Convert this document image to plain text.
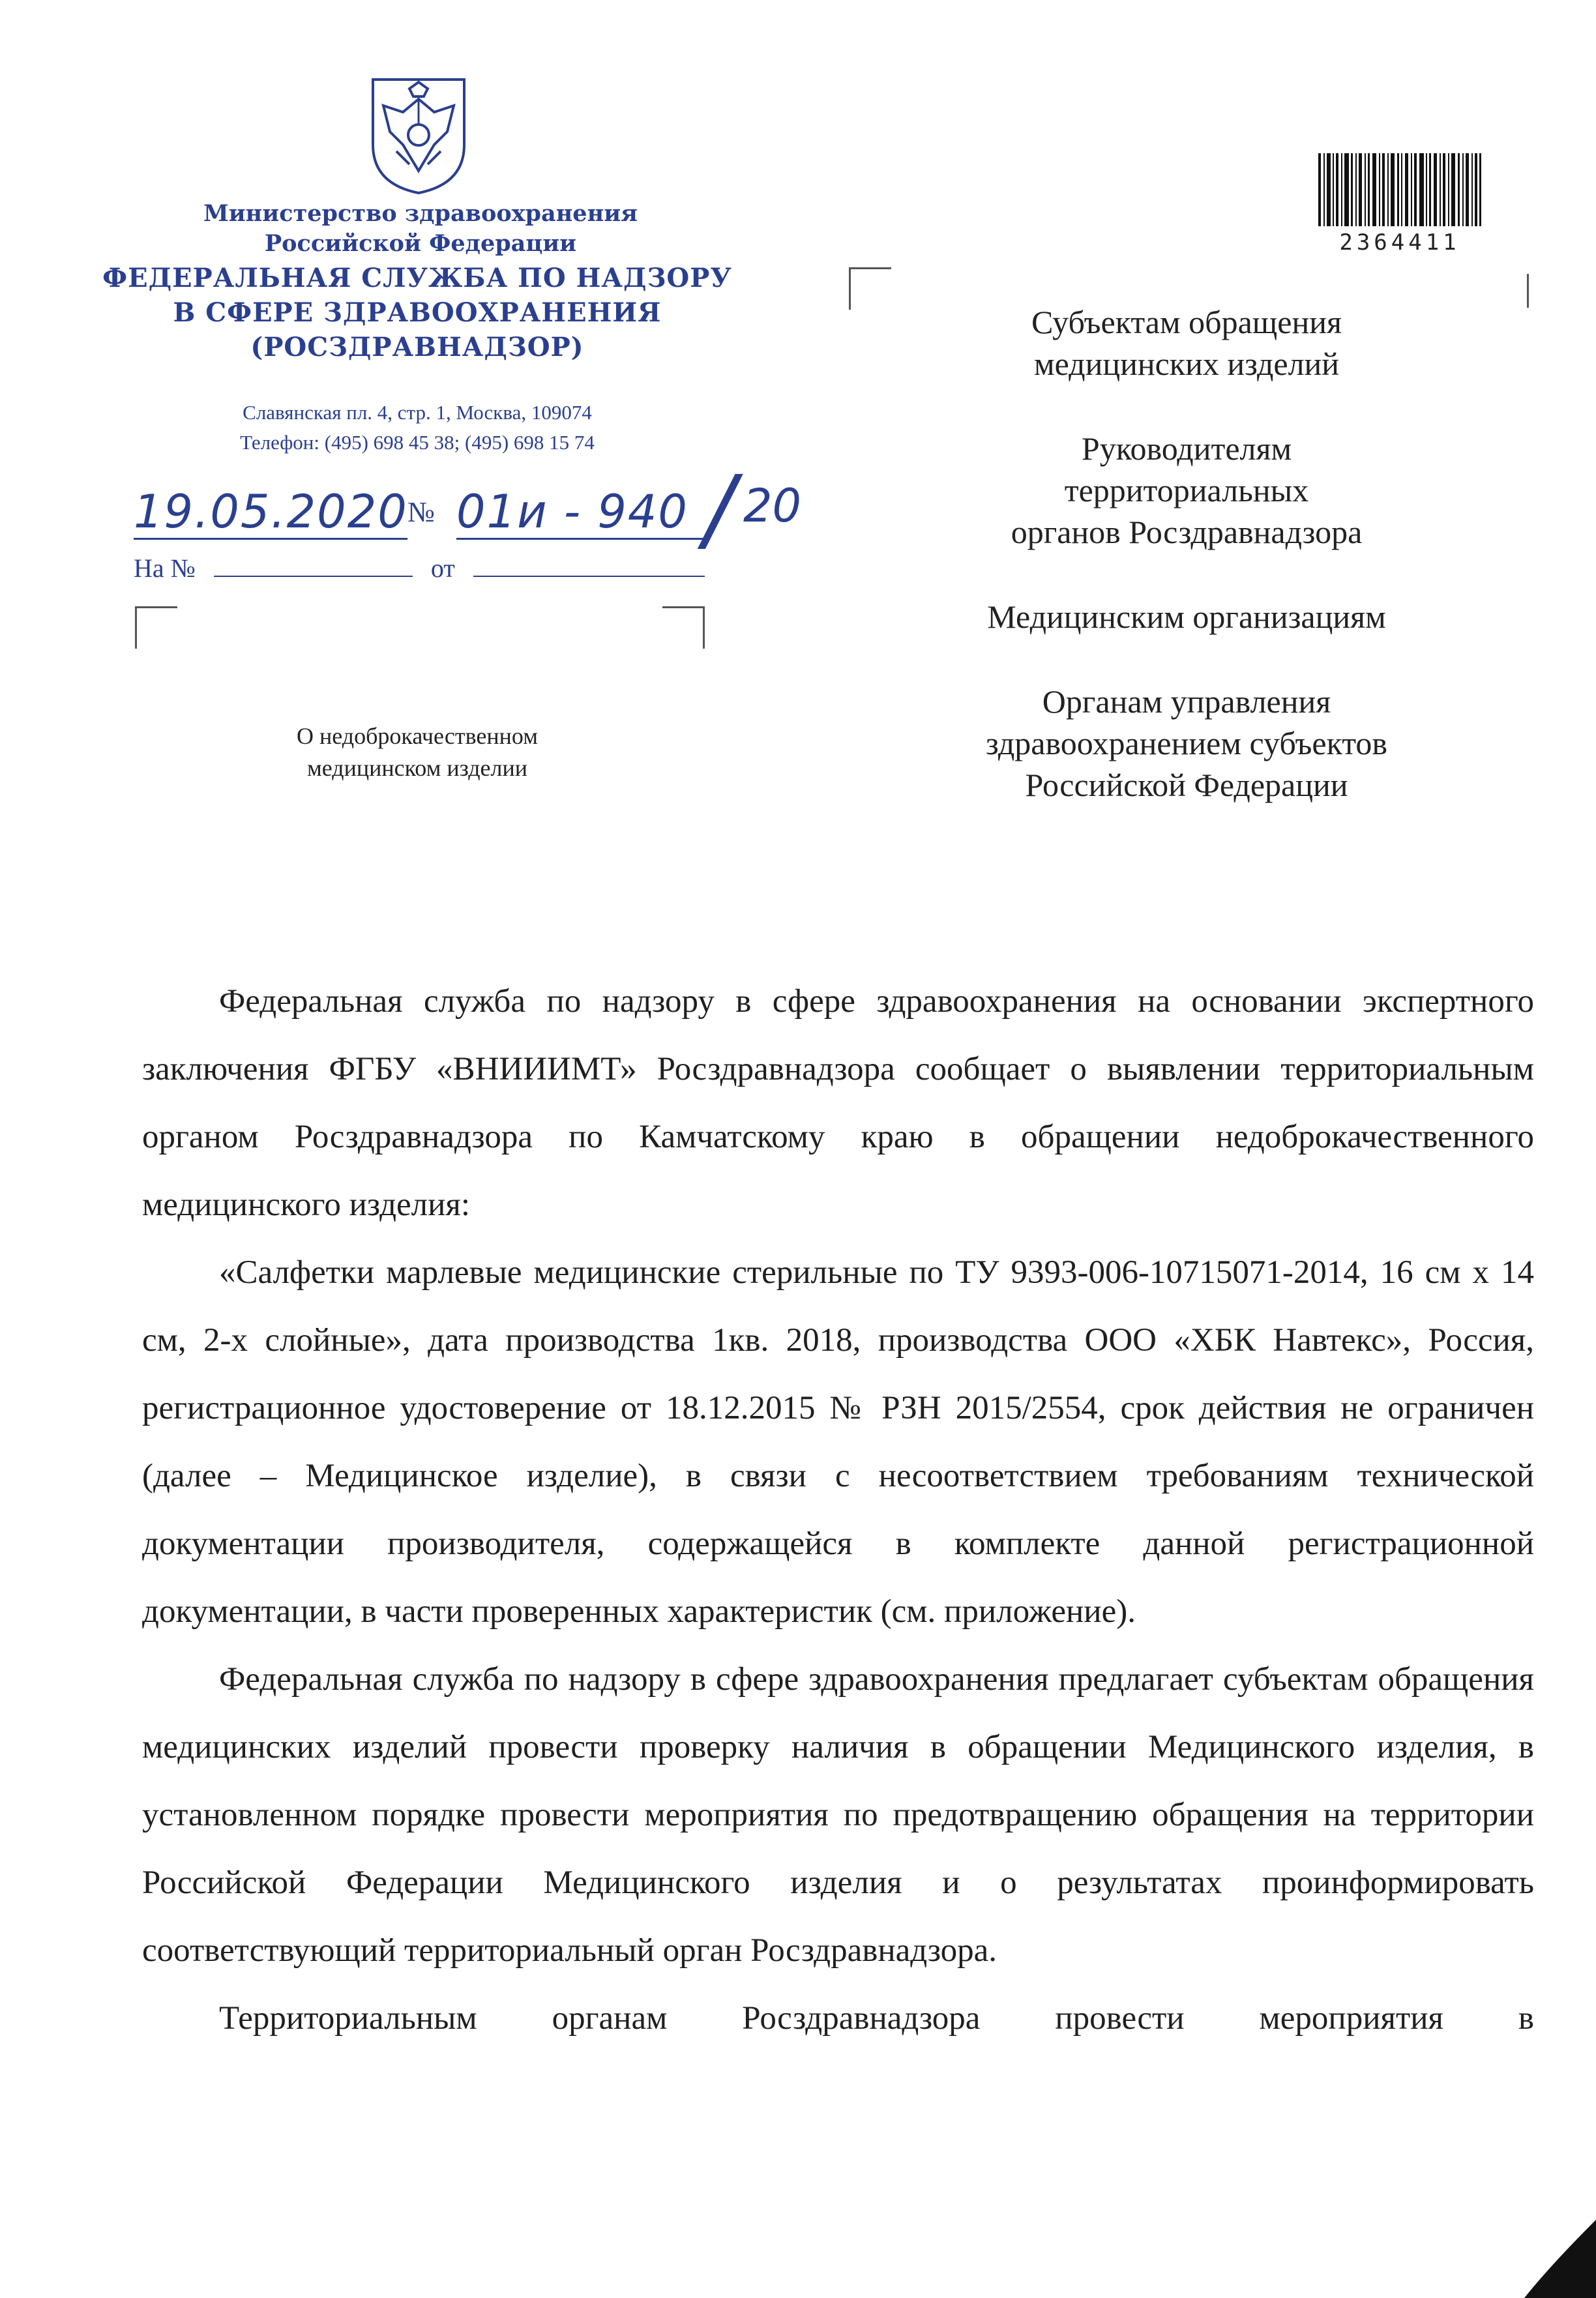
Министерство здравоохранения
Российской Федерации
ФЕДЕРАЛЬНАЯ СЛУЖБА ПО НАДЗОРУ
В СФЕРЕ ЗДРАВООХРАНЕНИЯ
(РОСЗДРАВНАДЗОР)
Славянская пл. 4, стр. 1, Москва, 109074
Телефон: (495) 698 45 38; (495) 698 15 74
19.05.2020 № 01и - 940 / 20
На №	от
О недоброкачественном
медицинском изделии
2364411
Субъектам обращения
медицинских изделий
Руководителям
территориальных
органов Росздравнадзора
Медицинским организациям
Органам управления
здравоохранением субъектов
Российской Федерации

Федеральная служба по надзору в сфере здравоохранения на основании экспертного заключения ФГБУ «ВНИИИМТ» Росздравнадзора сообщает о выявлении территориальным органом Росздравнадзора по Камчатскому краю в обращении недоброкачественного медицинского изделия:

«Салфетки марлевые медицинские стерильные по ТУ 9393-006-10715071-2014, 16 см х 14 см, 2-х слойные», дата производства 1кв. 2018, производства ООО «ХБК Навтекс», Россия, регистрационное удостоверение от 18.12.2015 № РЗН 2015/2554, срок действия не ограничен (далее – Медицинское изделие), в связи с несоответствием требованиям технической документации производителя, содержащейся в комплекте данной регистрационной документации, в части проверенных характеристик (см. приложение).

Федеральная служба по надзору в сфере здравоохранения предлагает субъектам обращения медицинских изделий провести проверку наличия в обращении Медицинского изделия, в установленном порядке провести мероприятия по предотвращению обращения на территории Российской Федерации Медицинского изделия и о результатах проинформировать соответствующий территориальный орган Росздравнадзора.

Территориальным органам Росздравнадзора провести мероприятия в
